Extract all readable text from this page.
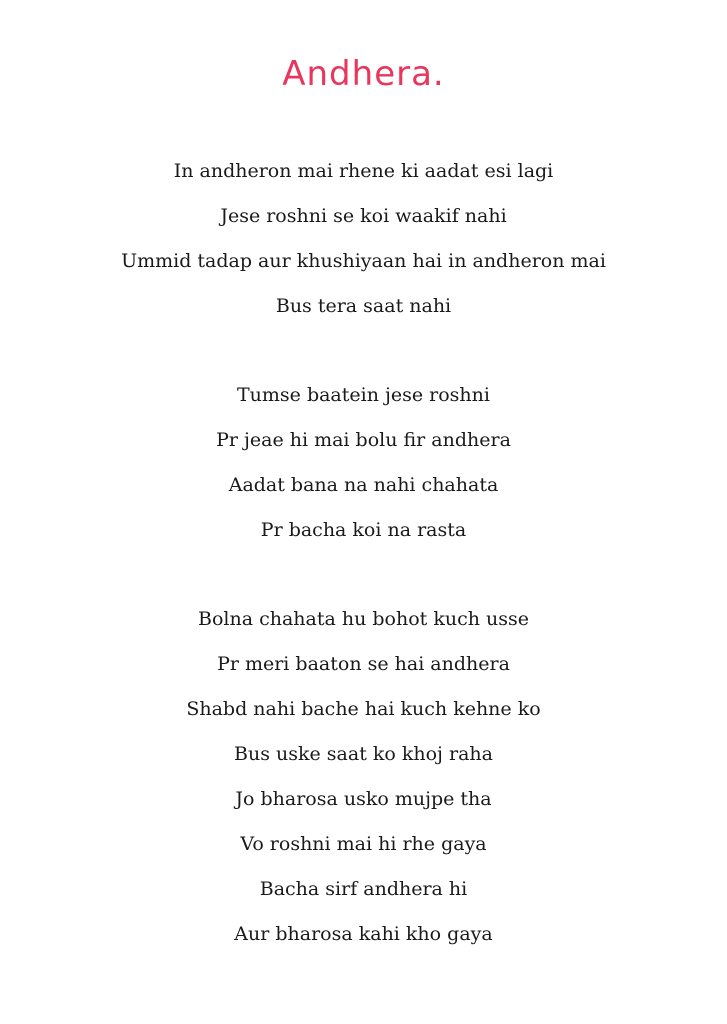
Andhera.
In andheron mai rhene ki aadat esi lagi
Jese roshni se koi waakif nahi
Ummid tadap aur khushiyaan hai in andheron mai
Bus tera saat nahi
Tumse baatein jese roshni
Pr jeae hi mai bolu fir andhera
Aadat bana na nahi chahata
Pr bacha koi na rasta
Bolna chahata hu bohot kuch usse
Pr meri baaton se hai andhera
Shabd nahi bache hai kuch kehne ko
Bus uske saat ko khoj raha
Jo bharosa usko mujpe tha
Vo roshni mai hi rhe gaya
Bacha sirf andhera hi
Aur bharosa kahi kho gaya
